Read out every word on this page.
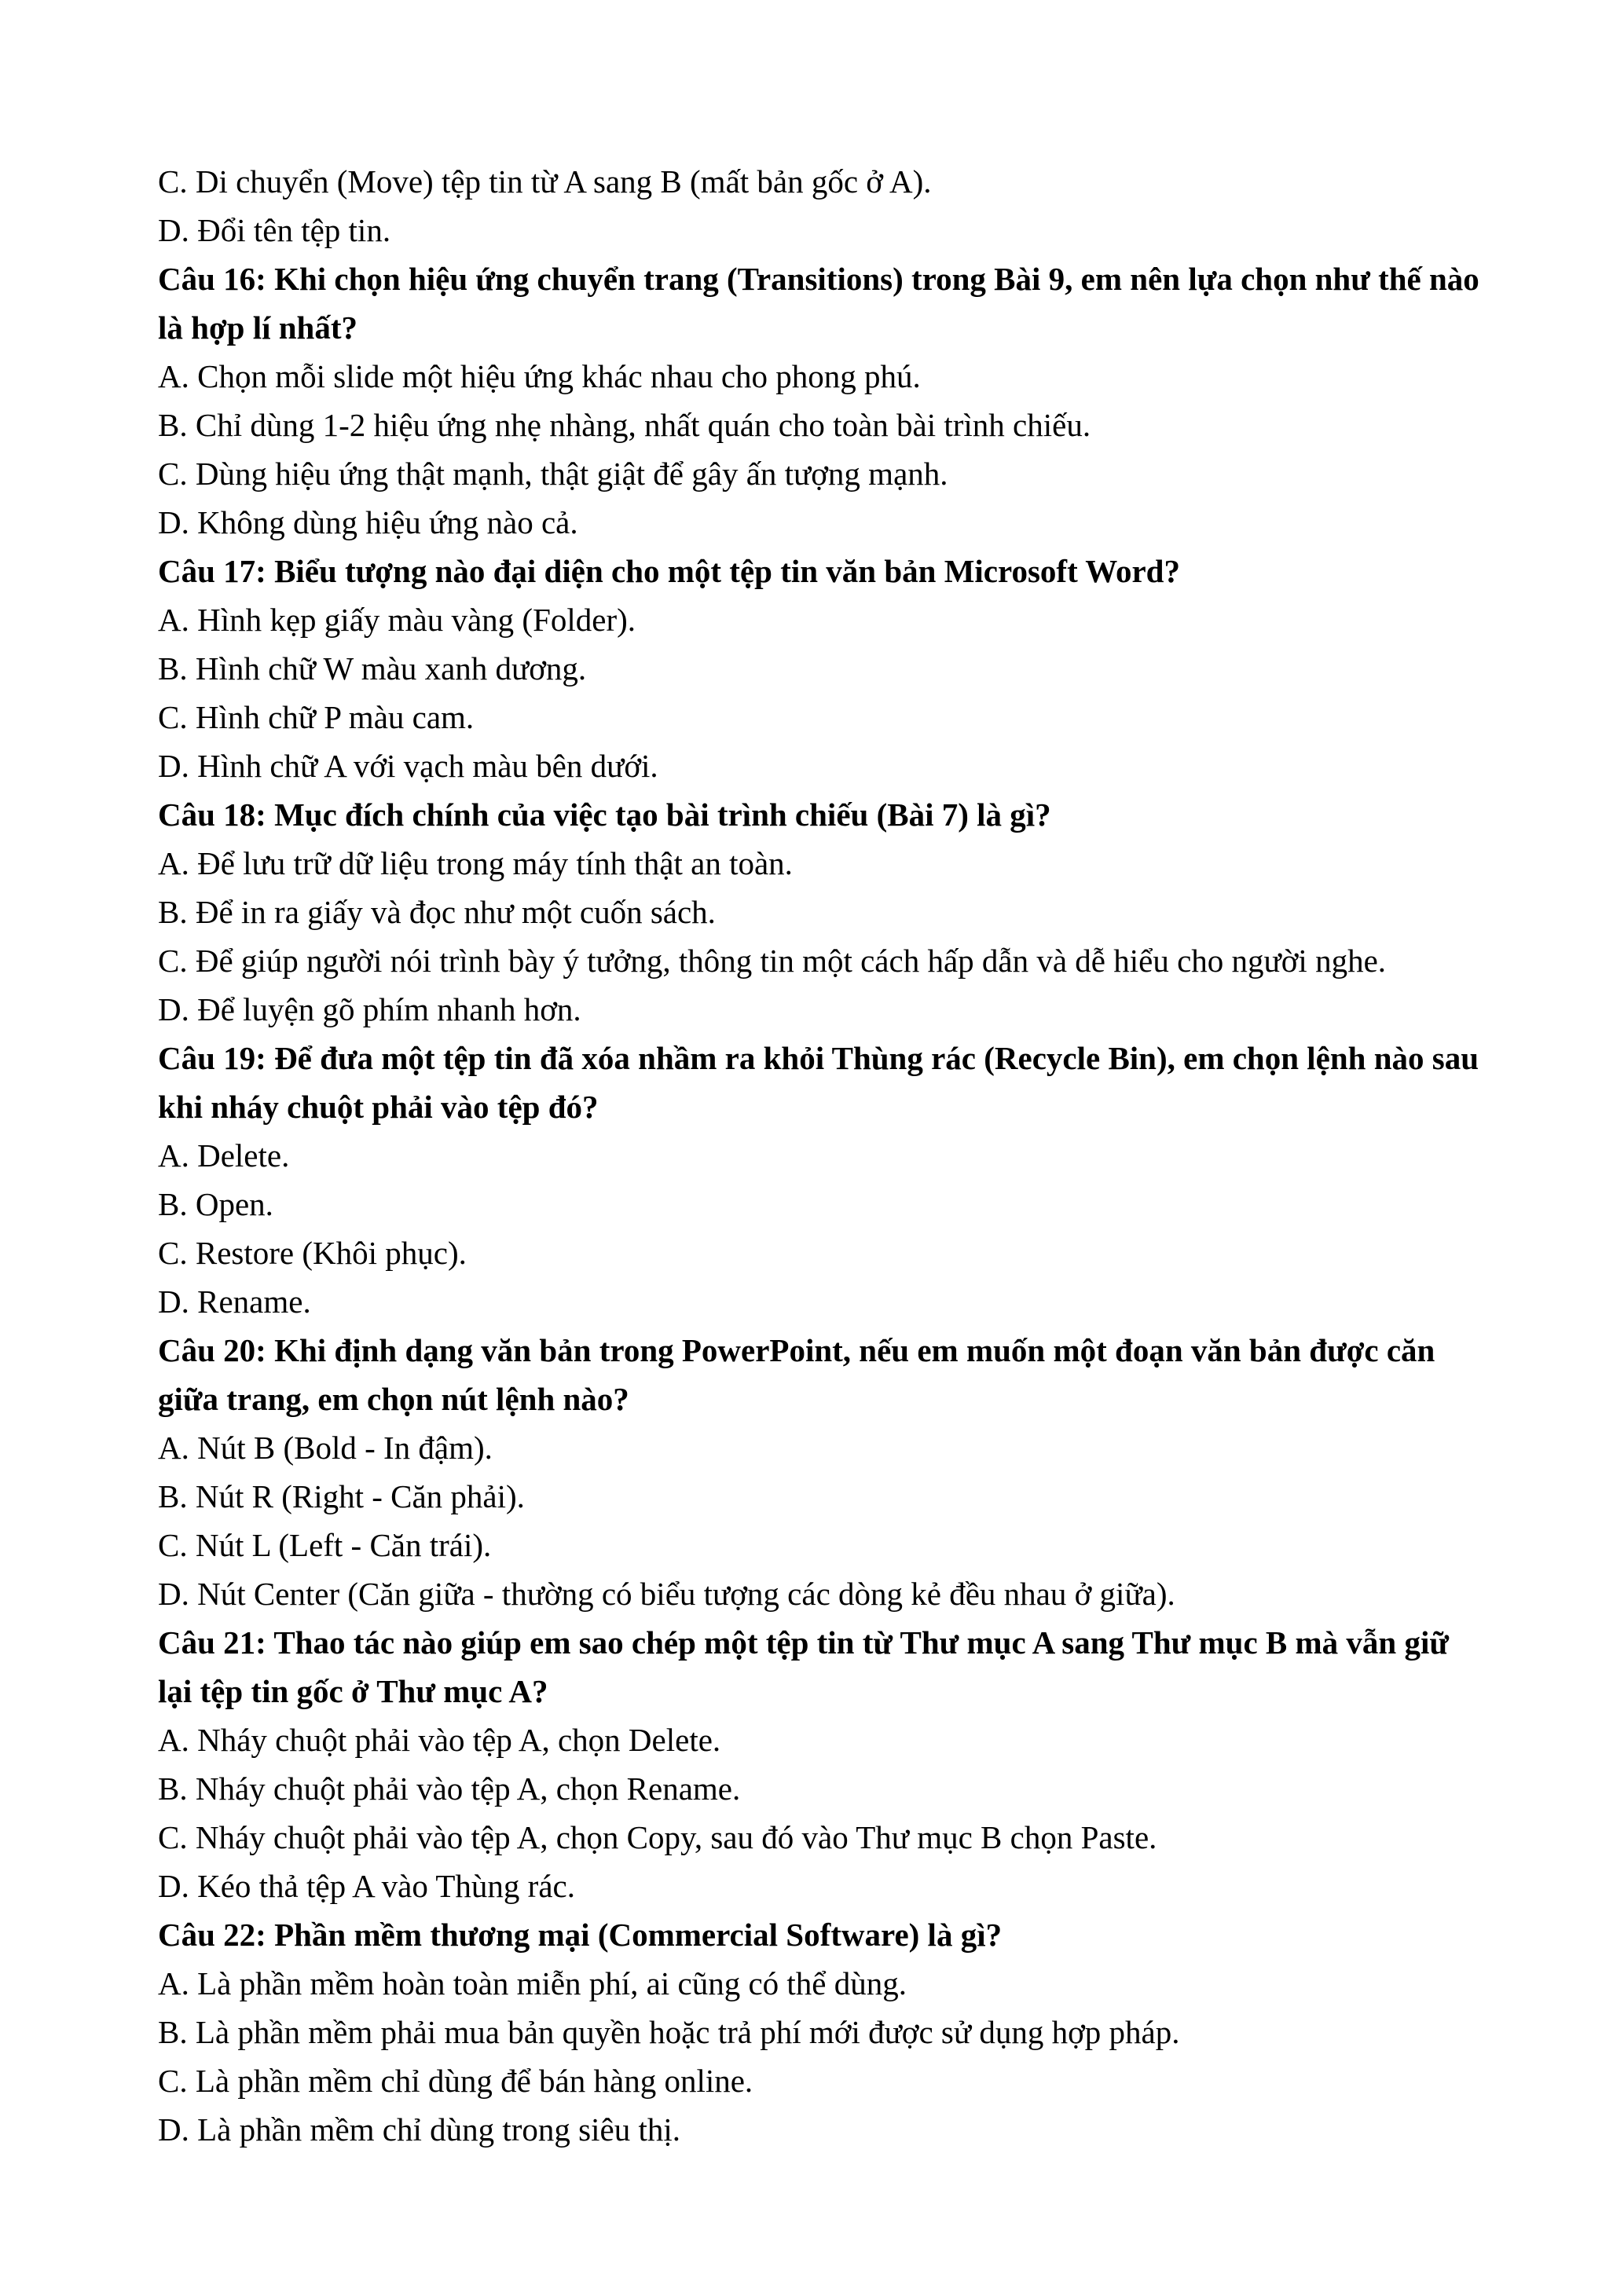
C. Di chuyển (Move) tệp tin từ A sang B (mất bản gốc ở A).

D. Đổi tên tệp tin.

Câu 16: Khi chọn hiệu ứng chuyển trang (Transitions) trong Bài 9, em nên lựa chọn như thế nào là hợp lí nhất?

A. Chọn mỗi slide một hiệu ứng khác nhau cho phong phú.

B. Chỉ dùng 1-2 hiệu ứng nhẹ nhàng, nhất quán cho toàn bài trình chiếu.

C. Dùng hiệu ứng thật mạnh, thật giật để gây ấn tượng mạnh.

D. Không dùng hiệu ứng nào cả.

Câu 17: Biểu tượng nào đại diện cho một tệp tin văn bản Microsoft Word?

A. Hình kẹp giấy màu vàng (Folder).

B. Hình chữ W màu xanh dương.

C. Hình chữ P màu cam.

D. Hình chữ A với vạch màu bên dưới.

Câu 18: Mục đích chính của việc tạo bài trình chiếu (Bài 7) là gì?

A. Để lưu trữ dữ liệu trong máy tính thật an toàn.

B. Để in ra giấy và đọc như một cuốn sách.

C. Để giúp người nói trình bày ý tưởng, thông tin một cách hấp dẫn và dễ hiểu cho người nghe.

D. Để luyện gõ phím nhanh hơn.

Câu 19: Để đưa một tệp tin đã xóa nhầm ra khỏi Thùng rác (Recycle Bin), em chọn lệnh nào sau khi nháy chuột phải vào tệp đó?

A. Delete.

B. Open.

C. Restore (Khôi phục).

D. Rename.

Câu 20: Khi định dạng văn bản trong PowerPoint, nếu em muốn một đoạn văn bản được căn giữa trang, em chọn nút lệnh nào?

A. Nút B (Bold - In đậm).

B. Nút R (Right - Căn phải).

C. Nút L (Left - Căn trái).

D. Nút Center (Căn giữa - thường có biểu tượng các dòng kẻ đều nhau ở giữa).

Câu 21: Thao tác nào giúp em sao chép một tệp tin từ Thư mục A sang Thư mục B mà vẫn giữ lại tệp tin gốc ở Thư mục A?

A. Nháy chuột phải vào tệp A, chọn Delete.

B. Nháy chuột phải vào tệp A, chọn Rename.

C. Nháy chuột phải vào tệp A, chọn Copy, sau đó vào Thư mục B chọn Paste.

D. Kéo thả tệp A vào Thùng rác.

Câu 22: Phần mềm thương mại (Commercial Software) là gì?

A. Là phần mềm hoàn toàn miễn phí, ai cũng có thể dùng.

B. Là phần mềm phải mua bản quyền hoặc trả phí mới được sử dụng hợp pháp.

C. Là phần mềm chỉ dùng để bán hàng online.

D. Là phần mềm chỉ dùng trong siêu thị.
